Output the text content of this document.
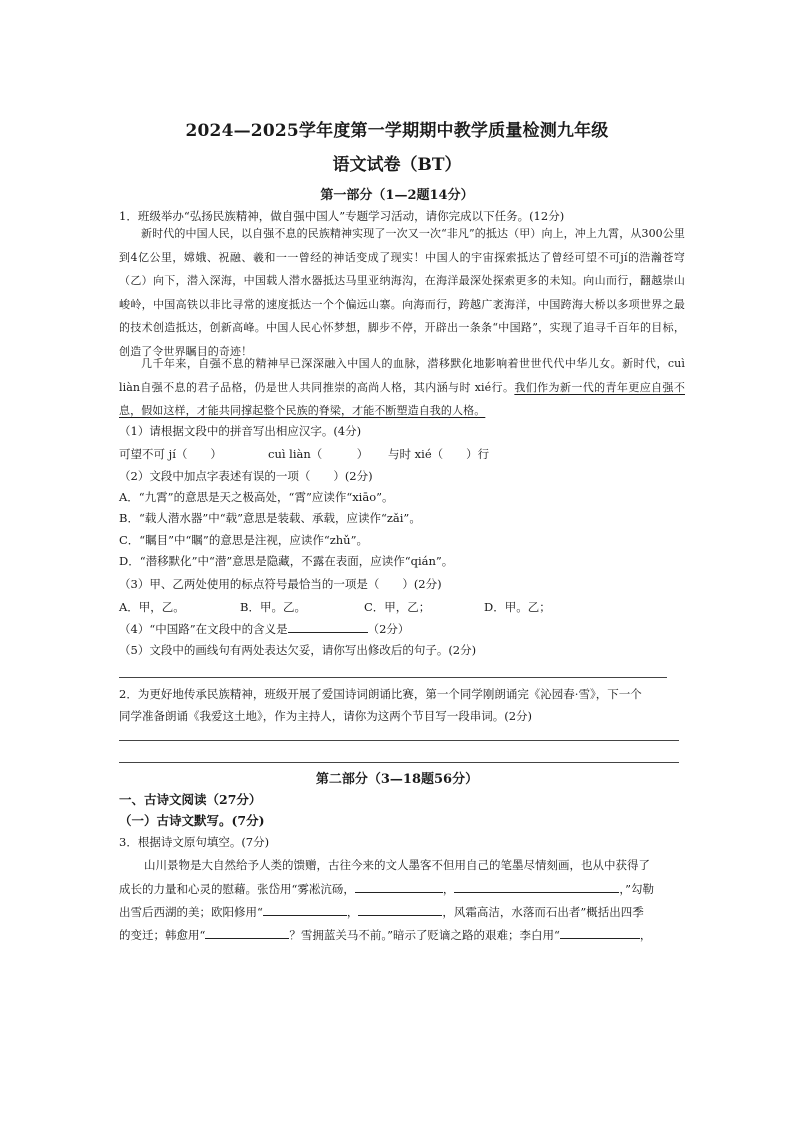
2024—2025学年度第一学期期中教学质量检测九年级
语文试卷（BT）
第一部分（1—2题14分）
1．班级举办“弘扬民族精神，做自强中国人”专题学习活动，请你完成以下任务。(12分)
新时代的中国人民，以自强不息的民族精神实现了一次又一次“非凡”的抵达（甲）向上，冲上九霄，从300公里到4亿公里，嫦娥、祝融、羲和一一曾经的神话变成了现实！中国人的宇宙探索抵达了曾经可望不可jí的浩瀚苍穹（乙）向下，潜入深海，中国载人潜水器抵达马里亚纳海沟，在海洋最深处探索更多的未知。向山而行，翻越崇山峻岭，中国高铁以非比寻常的速度抵达一个个偏远山寨。向海而行，跨越广袤海洋，中国跨海大桥以多项世界之最的技术创造抵达，创新高峰。中国人民心怀梦想，脚步不停，开辟出一条条“中国路”，实现了追寻千百年的目标，创造了令世界瞩目的奇迹！
几千年来，自强不息的精神早已深深融入中国人的血脉，潜移默化地影响着世世代代中华儿女。新时代，cuì liàn自强不息的君子品格，仍是世人共同推崇的高尚人格，其内涵与时 xié行。我们作为新一代的青年更应自强不息，假如这样，才能共同撑起整个民族的脊梁，才能不断塑造自我的人格。
（1）请根据文段中的拼音写出相应汉字。(4分)
可望不可 jí（　　）	cuì liàn（　　　） 与时 xié（　　）行
（2）文段中加点字表述有误的一项（　　）(2分)
A．“九霄”的意思是天之极高处，“霄”应读作“xiāo”。
B．“载人潜水器”中“载”意思是装载、承载，应读作“zǎi”。
C．“瞩目”中“瞩”的意思是注视，应读作“zhǔ”。
D．“潜移默化”中“潜”意思是隐藏，不露在表面，应读作“qián”。
（3）甲、乙两处使用的标点符号最恰当的一项是（　　）(2分)
A．甲，乙。	B．甲。乙。	C．甲，乙；	D．甲。乙；
（4）“中国路”在文段中的含义是	（2分）
（5）文段中的画线句有两处表达欠妥，请你写出修改后的句子。(2分)
2．为更好地传承民族精神，班级开展了爱国诗词朗诵比赛，第一个同学刚朗诵完《沁园春·雪》，下一个
同学准备朗诵《我爱这土地》，作为主持人，请你为这两个节目写一段串词。(2分)
第二部分（3—18题56分）
一、古诗文阅读（27分）
（一）古诗文默写。(7分)
3．根据诗文原句填空。(7分)
山川景物是大自然给予人类的馈赠，古往今来的文人墨客不但用自己的笔墨尽情刻画，也从中获得了
成长的力量和心灵的慰藉。张岱用“雾凇沆砀，	，	，”勾勒
出雪后西湖的美；欧阳修用“	，	，风霜高洁，水落而石出者”概括出四季
的变迁；韩愈用“	？雪拥蓝关马不前。”暗示了贬谪之路的艰难；李白用“	，
